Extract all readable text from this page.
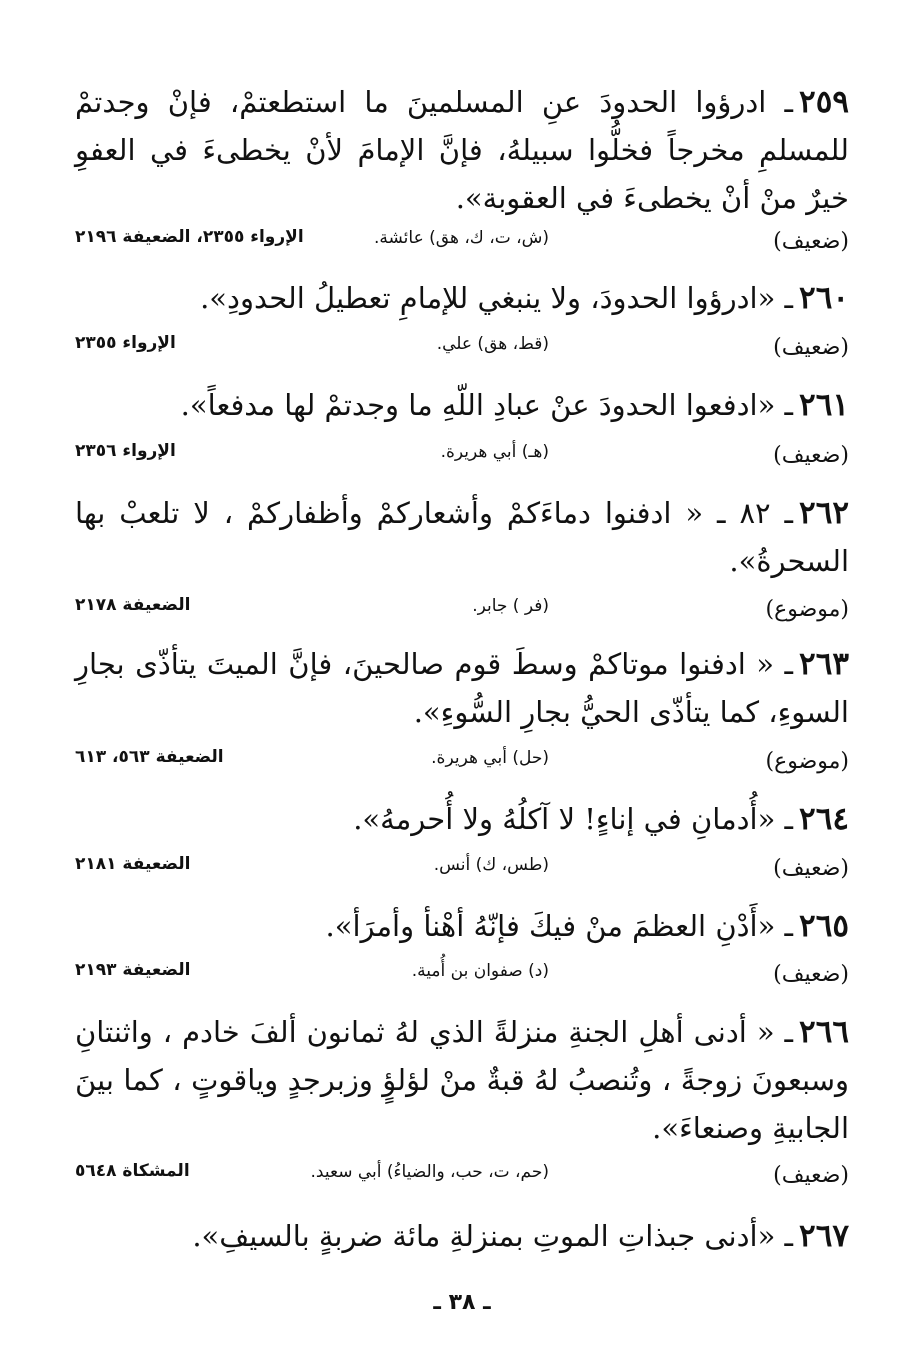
٢٥٩ـ ادرؤوا الحدودَ عنِ المسلمينَ ما استطعتمْ، فإنْ وجدتمْ للمسلمِ مخرجاً فخلُّوا سبيلهُ، فإنَّ الإمامَ لأنْ يخطىءَ في العفوِ خيرٌ منْ أنْ يخطىءَ في العقوبة».
( ضعيف )
(ش، ت، ك، هق) عائشة.
الإرواء ٢٣٥٥، الضعيفة ٢١٩٦
٢٦٠ـ «ادرؤوا الحدودَ، ولا ينبغي للإمامِ تعطيلُ الحدودِ».
( ضعيف )
(قط، هق) علي.
الإرواء ٢٣٥٥
٢٦١ـ «ادفعوا الحدودَ عنْ عبادِ اللّهِ ما وجدتمْ لها مدفعاً».
( ضعيف )
(هـ) أبي هريرة.
الإرواء ٢٣٥٦
٢٦٢ـ ٨٢ ـ « ادفنوا دماءَكمْ وأشعاركمْ وأظفاركمْ ، لا تلعبْ بها السحرةُ».
( موضوع )
(فر ) جابر.
الضعيفة ٢١٧٨
٢٦٣ـ « ادفنوا موتاكمْ وسطَ قوم صالحينَ، فإنَّ الميتَ يتأذّى بجارِ السوءِ، كما يتأذّى الحيُّ بجارِ السُّوءِ».
( موضوع )
(حل) أبي هريرة.
الضعيفة ٥٦٣، ٦١٣
٢٦٤ـ «أُدمانِ في إناءٍ! لا آكلُهُ ولا أُحرمهُ».
( ضعيف )
(طس، ك) أنس.
الضعيفة ٢١٨١
٢٦٥ـ «أَدْنِ العظمَ منْ فيكَ فإنّهُ أهْنأ وأمرَأ».
( ضعيف )
(د) صفوان بن أُمية.
الضعيفة ٢١٩٣
٢٦٦ـ « أدنى أهلِ الجنةِ منزلةً الذي لهُ ثمانون ألفَ خادم ، واثنتانِ وسبعونَ زوجةً ، وتُنصبُ لهُ قبةٌ منْ لؤلؤٍ وزبرجدٍ وياقوتٍ ، كما بينَ الجابيةِ وصنعاءَ».
( ضعيف )
(حم، ت، حب، والضياءُ) أبي سعيد.
المشكاة ٥٦٤٨
٢٦٧ـ «أدنى جبذاتِ الموتِ بمنزلةِ مائة ضربةٍ بالسيفِ».
ـ ٣٨ ـ
